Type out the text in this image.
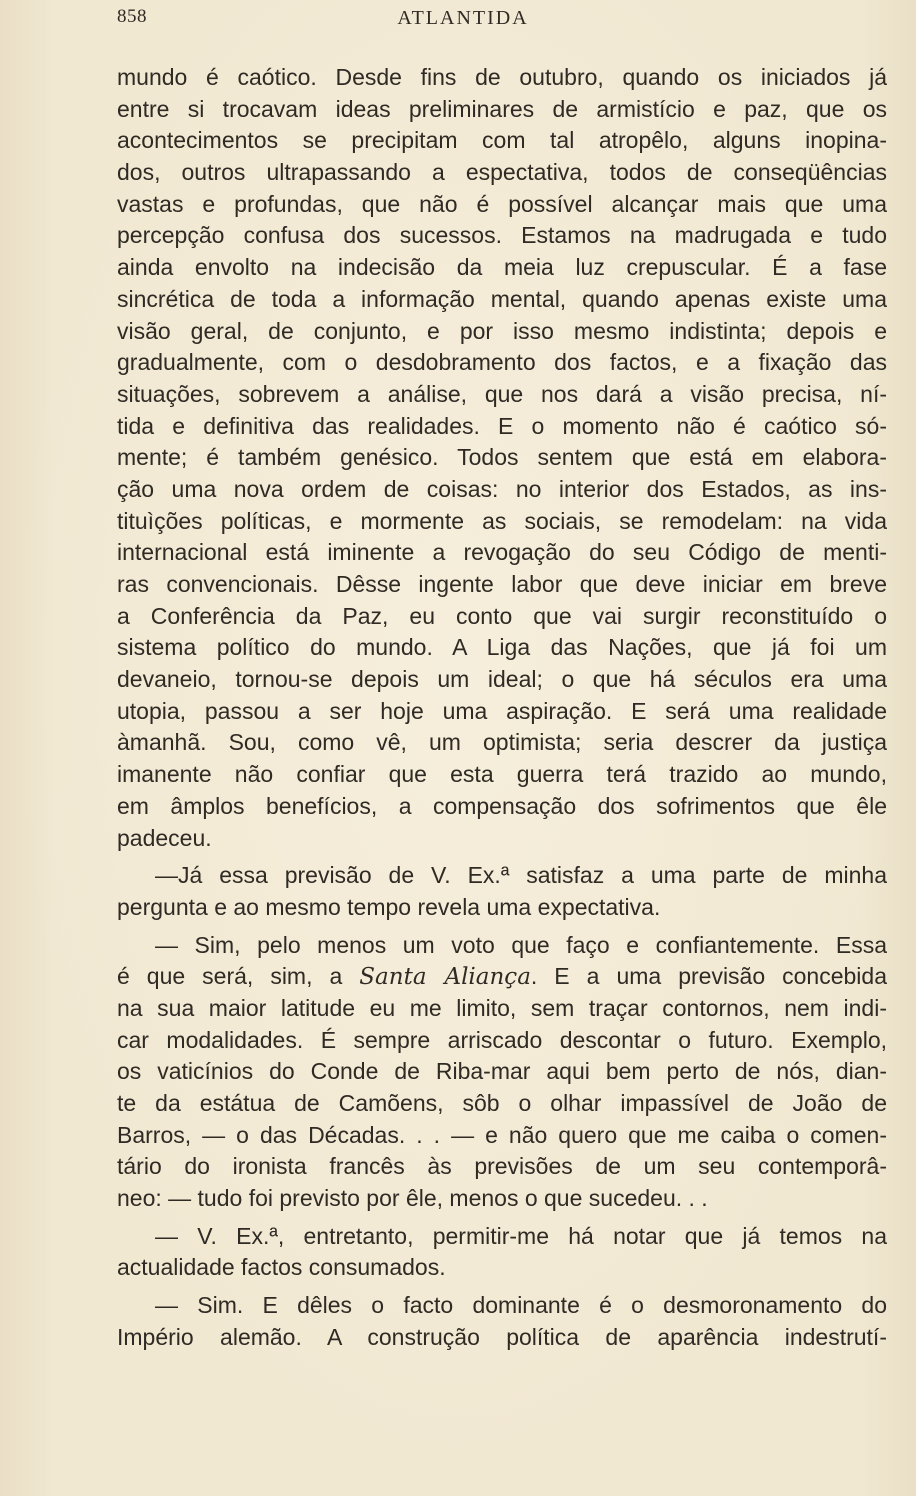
858	ATLANTIDA
mundo é caótico. Desde fins de outubro, quando os iniciados já
entre si trocavam ideas preliminares de armistício e paz, que os
acontecimentos se precipitam com tal atropêlo, alguns inopina-
dos, outros ultrapassando a espectativa, todos de conseqüências
vastas e profundas, que não é possível alcançar mais que uma
percepção confusa dos sucessos. Estamos na madrugada e tudo
ainda envolto na indecisão da meia luz crepuscular. É a fase
sincrética de toda a informação mental, quando apenas existe uma
visão geral, de conjunto, e por isso mesmo indistinta; depois e
gradualmente, com o desdobramento dos factos, e a fixação das
situações, sobrevem a análise, que nos dará a visão precisa, ní-
tida e definitiva das realidades. E o momento não é caótico só-
mente; é também genésico. Todos sentem que está em elabora-
ção uma nova ordem de coisas: no interior dos Estados, as ins-
tituìções políticas, e mormente as sociais, se remodelam: na vida
internacional está iminente a revogação do seu Código de menti-
ras convencionais. Dêsse ingente labor que deve iniciar em breve
a Conferência da Paz, eu conto que vai surgir reconstituído o
sistema político do mundo. A Liga das Nações, que já foi um
devaneio, tornou-se depois um ideal; o que há séculos era uma
utopia, passou a ser hoje uma aspiração. E será uma realidade
àmanhã. Sou, como vê, um optimista; seria descrer da justiça
imanente não confiar que esta guerra terá trazido ao mundo,
em âmplos benefícios, a compensação dos sofrimentos que êle
padeceu.
—Já essa previsão de V. Ex.ª satisfaz a uma parte de minha
pergunta e ao mesmo tempo revela uma expectativa.
— Sim, pelo menos um voto que faço e confiantemente. Essa
é que será, sim, a Santa Aliança. E a uma previsão concebida
na sua maior latitude eu me limito, sem traçar contornos, nem indi-
car modalidades. É sempre arriscado descontar o futuro. Exemplo,
os vaticínios do Conde de Riba-mar aqui bem perto de nós, dian-
te da estátua de Camõens, sôb o olhar impassível de João de
Barros, — o das Décadas. . . — e não quero que me caiba o comen-
tário do ironista francês às previsões de um seu contemporâ-
neo: — tudo foi previsto por êle, menos o que sucedeu. . .
— V. Ex.ª, entretanto, permitir-me há notar que já temos na
actualidade factos consumados.
— Sim. E dêles o facto dominante é o desmoronamento do
Império alemão. A construção política de aparência indestrutí-
